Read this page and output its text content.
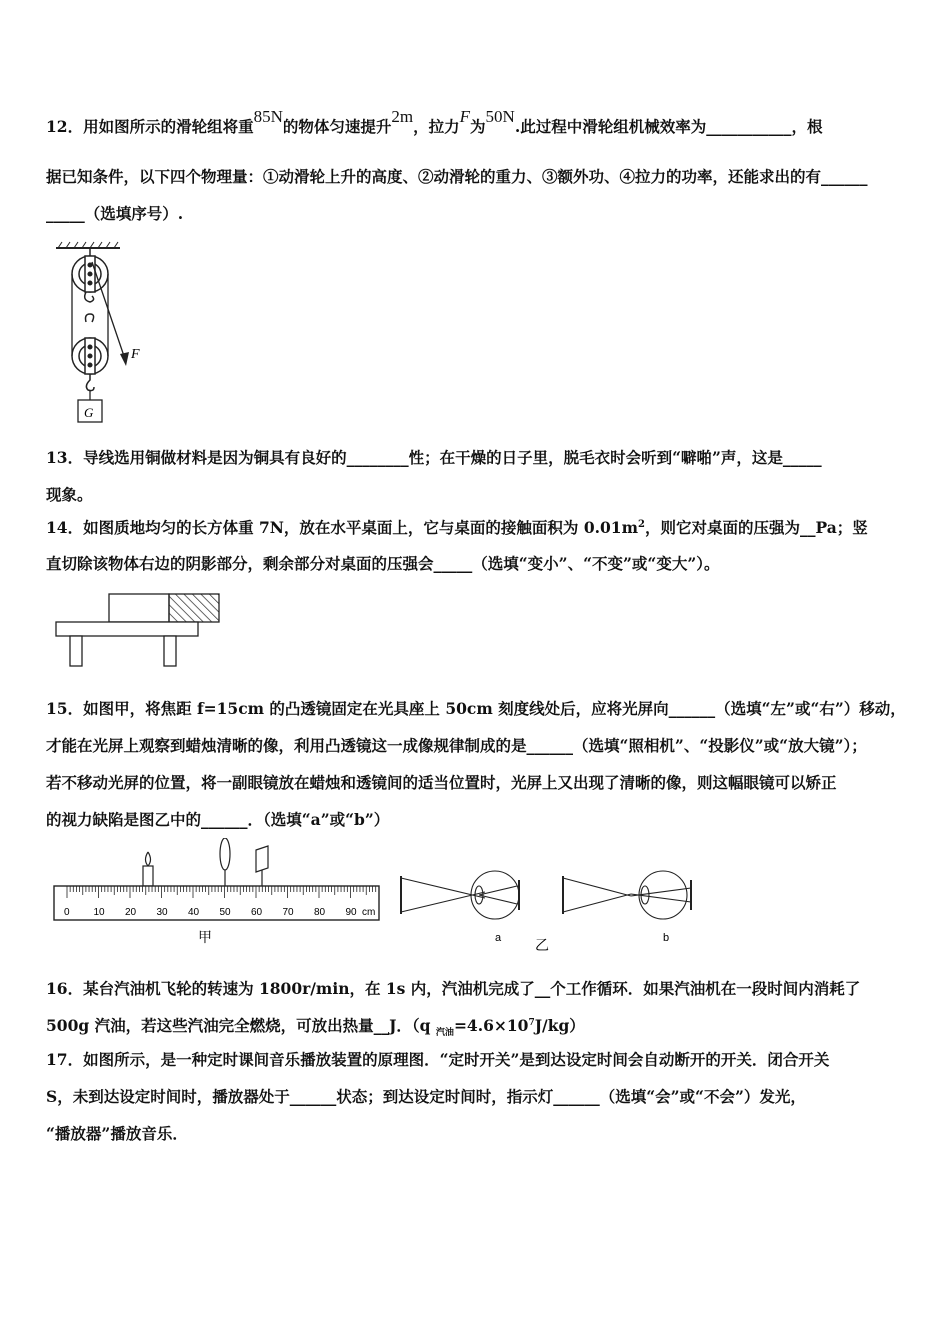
12．用如图所示的滑轮组将重85N的物体匀速提升2m，拉力F为50N.此过程中滑轮组机械效率为___________，根
据已知条件，以下四个物理量：①动滑轮上升的高度、②动滑轮的重力、③额外功、④拉力的功率，还能求出的有______
_____（选填序号）.
F
G
13．导线选用铜做材料是因为铜具有良好的________性；在干燥的日子里，脱毛衣时会听到“噼啪”声，这是_____
现象。
14．如图质地均匀的长方体重 7N，放在水平桌面上，它与桌面的接触面积为 $0.01m^2$，则它对桌面的压强为__Pa；竖
直切除该物体右边的阴影部分，剩余部分对桌面的压强会_____（选填“变小”、“不变”或“变大”）。
15．如图甲，将焦距 f=15cm 的凸透镜固定在光具座上 50cm 刻度线处后，应将光屏向______（选填“左”或“右”）移动，
才能在光屏上观察到蜡烛清晰的像，利用凸透镜这一成像规律制成的是______（选填“照相机”、“投影仪”或“放大镜”）；
若不移动光屏的位置，将一副眼镜放在蜡烛和透镜间的适当位置时，光屏上又出现了清晰的像，则这幅眼镜可以矫正
的视力缺陷是图乙中的______．（选填“a”或“b”）
0 10 20 30 40 50 60 70 80 90 cm
甲	a 乙	b
16．某台汽油机飞轮的转速为 1800r/min，在 1s 内，汽油机完成了__个工作循环．如果汽油机在一段时间内消耗了
500g 汽油，若这些汽油完全燃烧，可放出热量__J．（q $_{汽油}=4.6\times 10^7J/kg$）
17．如图所示，是一种定时课间音乐播放装置的原理图．“定时开关”是到达设定时间会自动断开的开关．闭合开关
S，未到达设定时间时，播放器处于______状态；到达设定时间时，指示灯______（选填“会”或“不会”）发光，
“播放器”播放音乐．
